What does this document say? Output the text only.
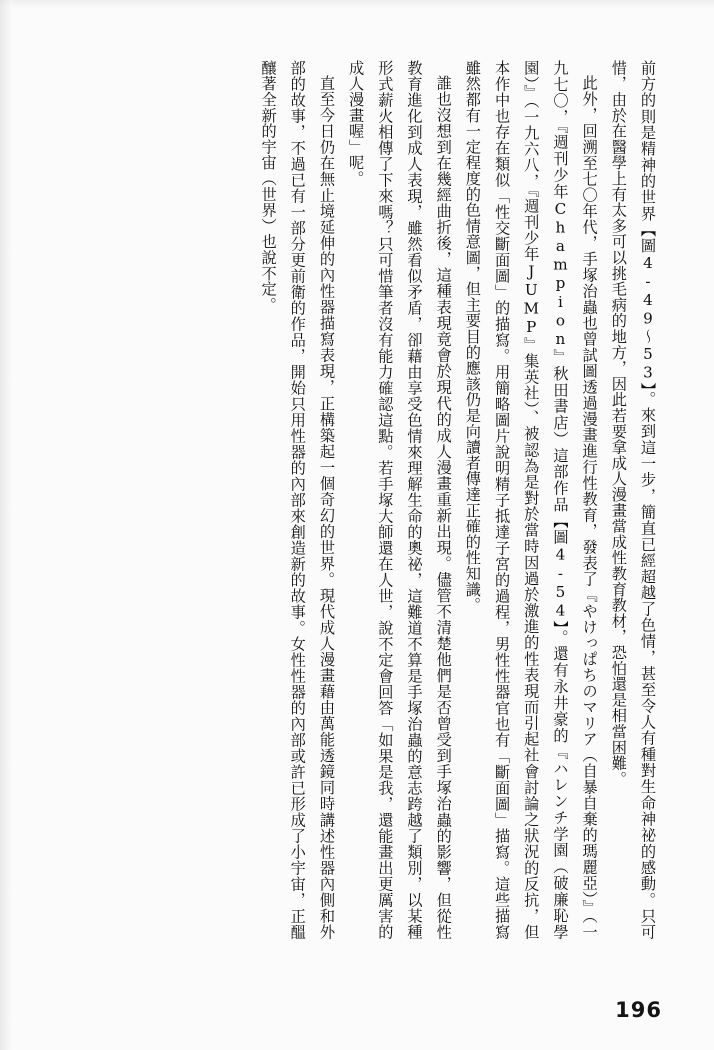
前方的則是精神的世界【圖4-49〜53】。來到這一步，簡直已經超越了色情，甚至令人有種對生命神祕的感動。只可惜，由於在醫學上有太多可以挑毛病的地方，因此若要拿成人漫畫當成性教育教材，恐怕還是相當困難。

此外，回溯至七〇年代，手塚治蟲也曾試圖透過漫畫進行性教育，發表了『やけっぱちのマリア（自暴自棄的瑪麗亞）』（一九七〇，『週刊少年Champion』秋田書店）這部作品【圖4-54】。還有永井豪的『ハレンチ学園（破廉恥學園）』（一九六八，『週刊少年JUMP』集英社）、被認為是對於當時因過於激進的性表現而引起社會討論之狀況的反抗，但本作中也存在類似「性交斷面圖」的描寫。用簡略圖片說明精子抵達子宮的過程，男性性器官也有「斷面圖」描寫。這些描寫雖然都有一定程度的色情意圖，但主要目的應該仍是向讀者傳達正確的性知識。

誰也沒想到在幾經曲折後，這種表現竟會於現代的成人漫畫重新出現。儘管不清楚他們是否曾受到手塚治蟲的影響，但從性教育進化到成人表現，雖然看似矛盾，卻藉由享受色情來理解生命的奧祕，這難道不算是手塚治蟲的意志跨越了類別，以某種形式薪火相傳了下來嗎？只可惜筆者沒有能力確認這點。若手塚大師還在人世，說不定會回答「如果是我，還能畫出更厲害的成人漫畫喔」呢。

直至今日仍在無止境延伸的內性器描寫表現，正構築起一個奇幻的世界。現代成人漫畫藉由萬能透鏡同時講述性器內側和外部的故事，不過已有一部分更前衛的作品，開始只用性器的內部來創造新的故事。女性性器的內部或許已形成了小宇宙，正醞釀著全新的宇宙（世界）也說不定。

196
